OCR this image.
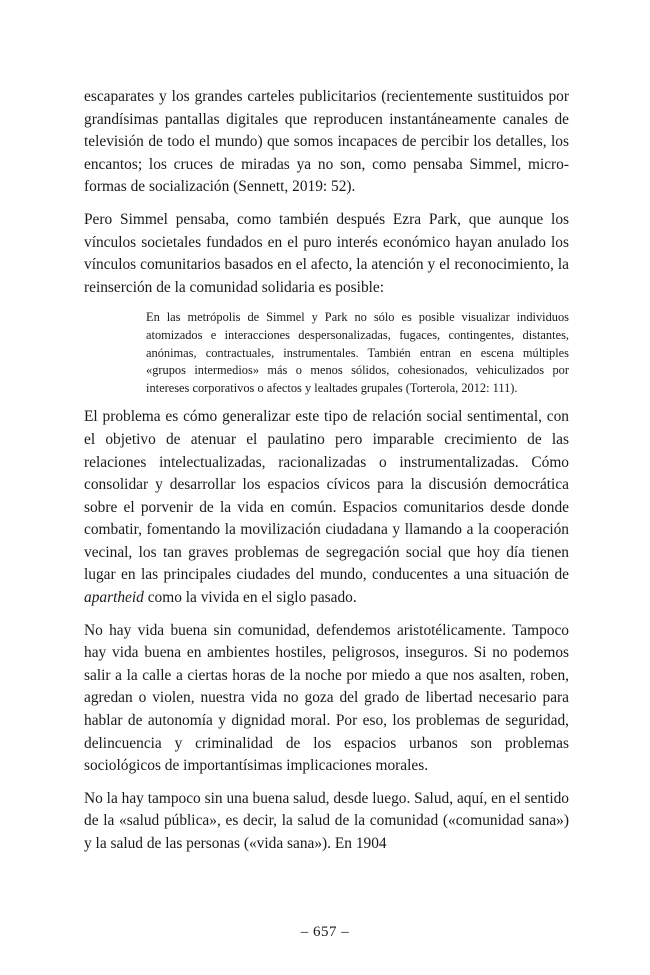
escaparates y los grandes carteles publicitarios (recientemente sustituidos por grandísimas pantallas digitales que reproducen instantáneamente canales de televisión de todo el mundo) que somos incapaces de percibir los detalles, los encantos; los cruces de miradas ya no son, como pensaba Simmel, micro-formas de socialización (Sennett, 2019: 52).

Pero Simmel pensaba, como también después Ezra Park, que aunque los vínculos societales fundados en el puro interés económico hayan anulado los vínculos comunitarios basados en el afecto, la atención y el reconocimiento, la reinserción de la comunidad solidaria es posible:

En las metrópolis de Simmel y Park no sólo es posible visualizar individuos atomizados e interacciones despersonalizadas, fugaces, contingentes, distantes, anónimas, contractuales, instrumentales. También entran en escena múltiples «grupos intermedios» más o menos sólidos, cohesionados, vehiculizados por intereses corporativos o afectos y lealtades grupales (Torterola, 2012: 111).

El problema es cómo generalizar este tipo de relación social sentimental, con el objetivo de atenuar el paulatino pero imparable crecimiento de las relaciones intelectualizadas, racionalizadas o instrumentalizadas. Cómo consolidar y desarrollar los espacios cívicos para la discusión democrática sobre el porvenir de la vida en común. Espacios comunitarios desde donde combatir, fomentando la movilización ciudadana y llamando a la cooperación vecinal, los tan graves problemas de segregación social que hoy día tienen lugar en las principales ciudades del mundo, conducentes a una situación de apartheid como la vivida en el siglo pasado.

No hay vida buena sin comunidad, defendemos aristotélicamente. Tampoco hay vida buena en ambientes hostiles, peligrosos, inseguros. Si no podemos salir a la calle a ciertas horas de la noche por miedo a que nos asalten, roben, agredan o violen, nuestra vida no goza del grado de libertad necesario para hablar de autonomía y dignidad moral. Por eso, los problemas de seguridad, delincuencia y criminalidad de los espacios urbanos son problemas sociológicos de importantísimas implicaciones morales.

No la hay tampoco sin una buena salud, desde luego. Salud, aquí, en el sentido de la «salud pública», es decir, la salud de la comunidad («comunidad sana») y la salud de las personas («vida sana»). En 1904

– 657 –
